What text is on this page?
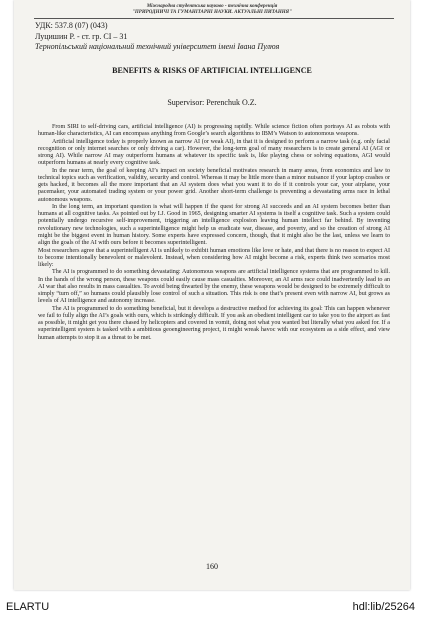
Міжнародна студентська науково - технічна конференція
"ПРИРОДНИЧІ ТА ГУМАНІТАРНІ НАУКИ. АКТУАЛЬНІ ПИТАННЯ"
УДК: 537.8 (07) (043)
Луцишин Р. - ст. гр. СІ – 31
Тернопільський національний технічний університет імені Івана Пулюя
BENEFITS & RISKS OF ARTIFICIAL INTELLIGENCE
Supervisor: Perenchuk O.Z.

From SIRI to self-driving cars, artificial intelligence (AI) is progressing rapidly. While science fiction often portrays AI as robots with human-like characteristics, AI can encompass anything from Google’s search algorithms to IBM’s Watson to autonomous weapons.

Artificial intelligence today is properly known as narrow AI (or weak AI), in that it is designed to perform a narrow task (e.g. only facial recognition or only internet searches or only driving a car). However, the long-term goal of many researchers is to create general AI (AGI or strong AI). While narrow AI may outperform humans at whatever its specific task is, like playing chess or solving equations, AGI would outperform humans at nearly every cognitive task.

In the near term, the goal of keeping AI’s impact on society beneficial motivates research in many areas, from economics and law to technical topics such as verification, validity, security and control. Whereas it may be little more than a minor nuisance if your laptop crashes or gets hacked, it becomes all the more important that an AI system does what you want it to do if it controls your car, your airplane, your pacemaker, your automated trading system or your power grid. Another short-term challenge is preventing a devastating arms race in lethal autonomous weapons.

In the long term, an important question is what will happen if the quest for strong AI succeeds and an AI system becomes better than humans at all cognitive tasks. As pointed out by I.J. Good in 1965, designing smarter AI systems is itself a cognitive task. Such a system could potentially undergo recursive self-improvement, triggering an intelligence explosion leaving human intellect far behind. By inventing revolutionary new technologies, such a superintelligence might help us eradicate war, disease, and poverty, and so the creation of strong AI might be the biggest event in human history. Some experts have expressed concern, though, that it might also be the last, unless we learn to align the goals of the AI with ours before it becomes superintelligent.

Most researchers agree that a superintelligent AI is unlikely to exhibit human emotions like love or hate, and that there is no reason to expect AI to become intentionally benevolent or malevolent. Instead, when considering how AI might become a risk, experts think two scenarios most likely:

The AI is programmed to do something devastating: Autonomous weapons are artificial intelligence systems that are programmed to kill. In the hands of the wrong person, these weapons could easily cause mass casualties. Moreover, an AI arms race could inadvertently lead to an AI war that also results in mass casualties. To avoid being thwarted by the enemy, these weapons would be designed to be extremely difficult to simply “turn off,” so humans could plausibly lose control of such a situation. This risk is one that’s present even with narrow AI, but grows as levels of AI intelligence and autonomy increase.

The AI is programmed to do something beneficial, but it develops a destructive method for achieving its goal: This can happen whenever we fail to fully align the AI’s goals with ours, which is strikingly difficult. If you ask an obedient intelligent car to take you to the airport as fast as possible, it might get you there chased by helicopters and covered in vomit, doing not what you wanted but literally what you asked for. If a superintelligent system is tasked with a ambitious geoengineering project, it might wreak havoc with our ecosystem as a side effect, and view human attempts to stop it as a threat to be met.

160
ELARTU	hdl:lib/25264
